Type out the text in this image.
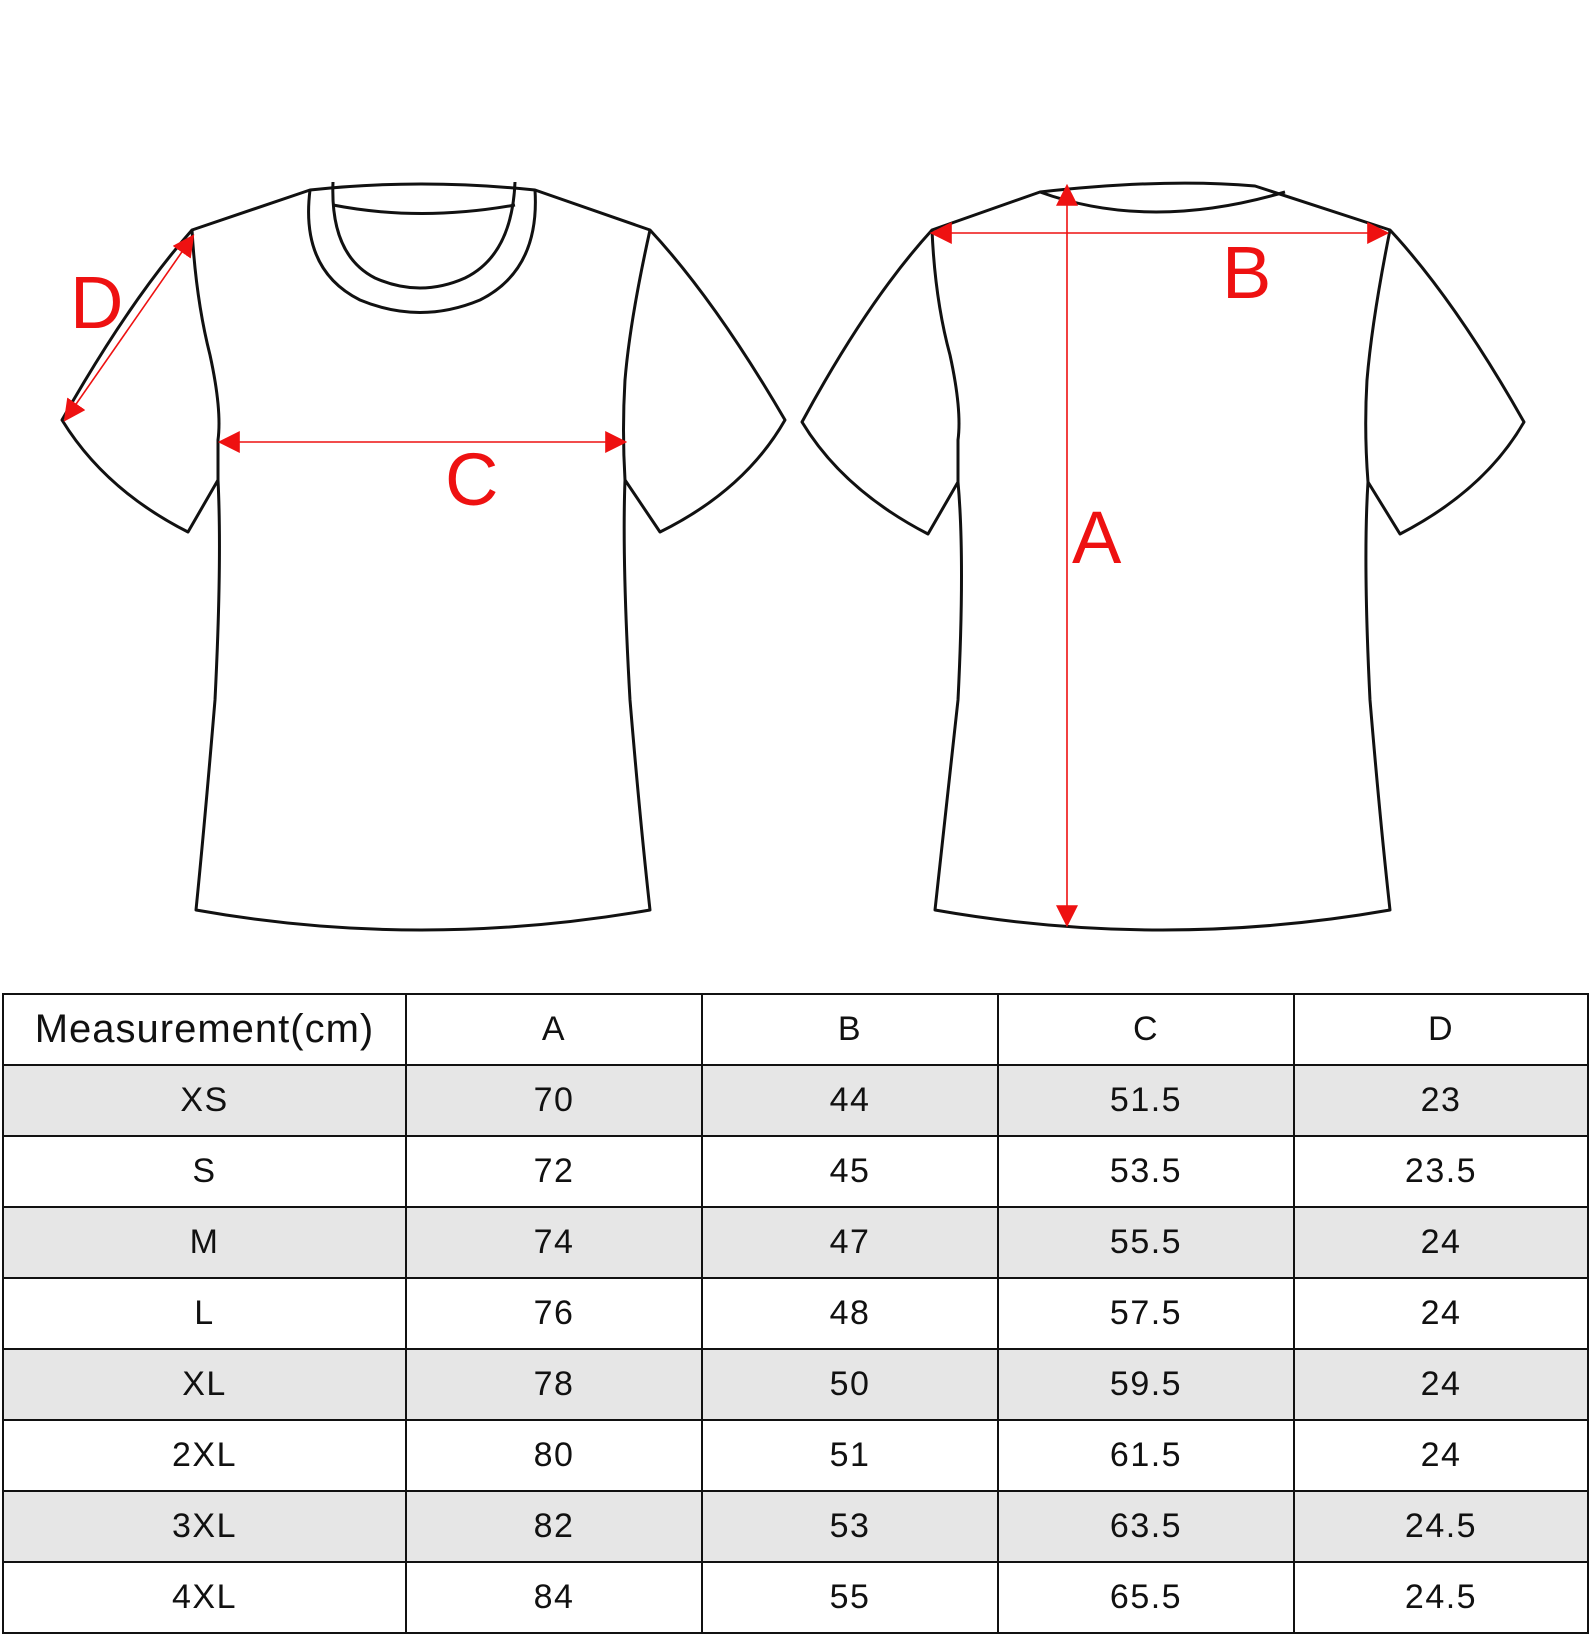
C
D	B
A
Measurement(cm)	A	B	C	D
XS	70	44	51.5	23
S	72	45	53.5	23.5
M	74	47	55.5	24
L	76	48	57.5	24
XL	78	50	59.5	24
2XL	80	51	61.5	24
3XL	82	53	63.5	24.5
4XL	84	55	65.5	24.5
